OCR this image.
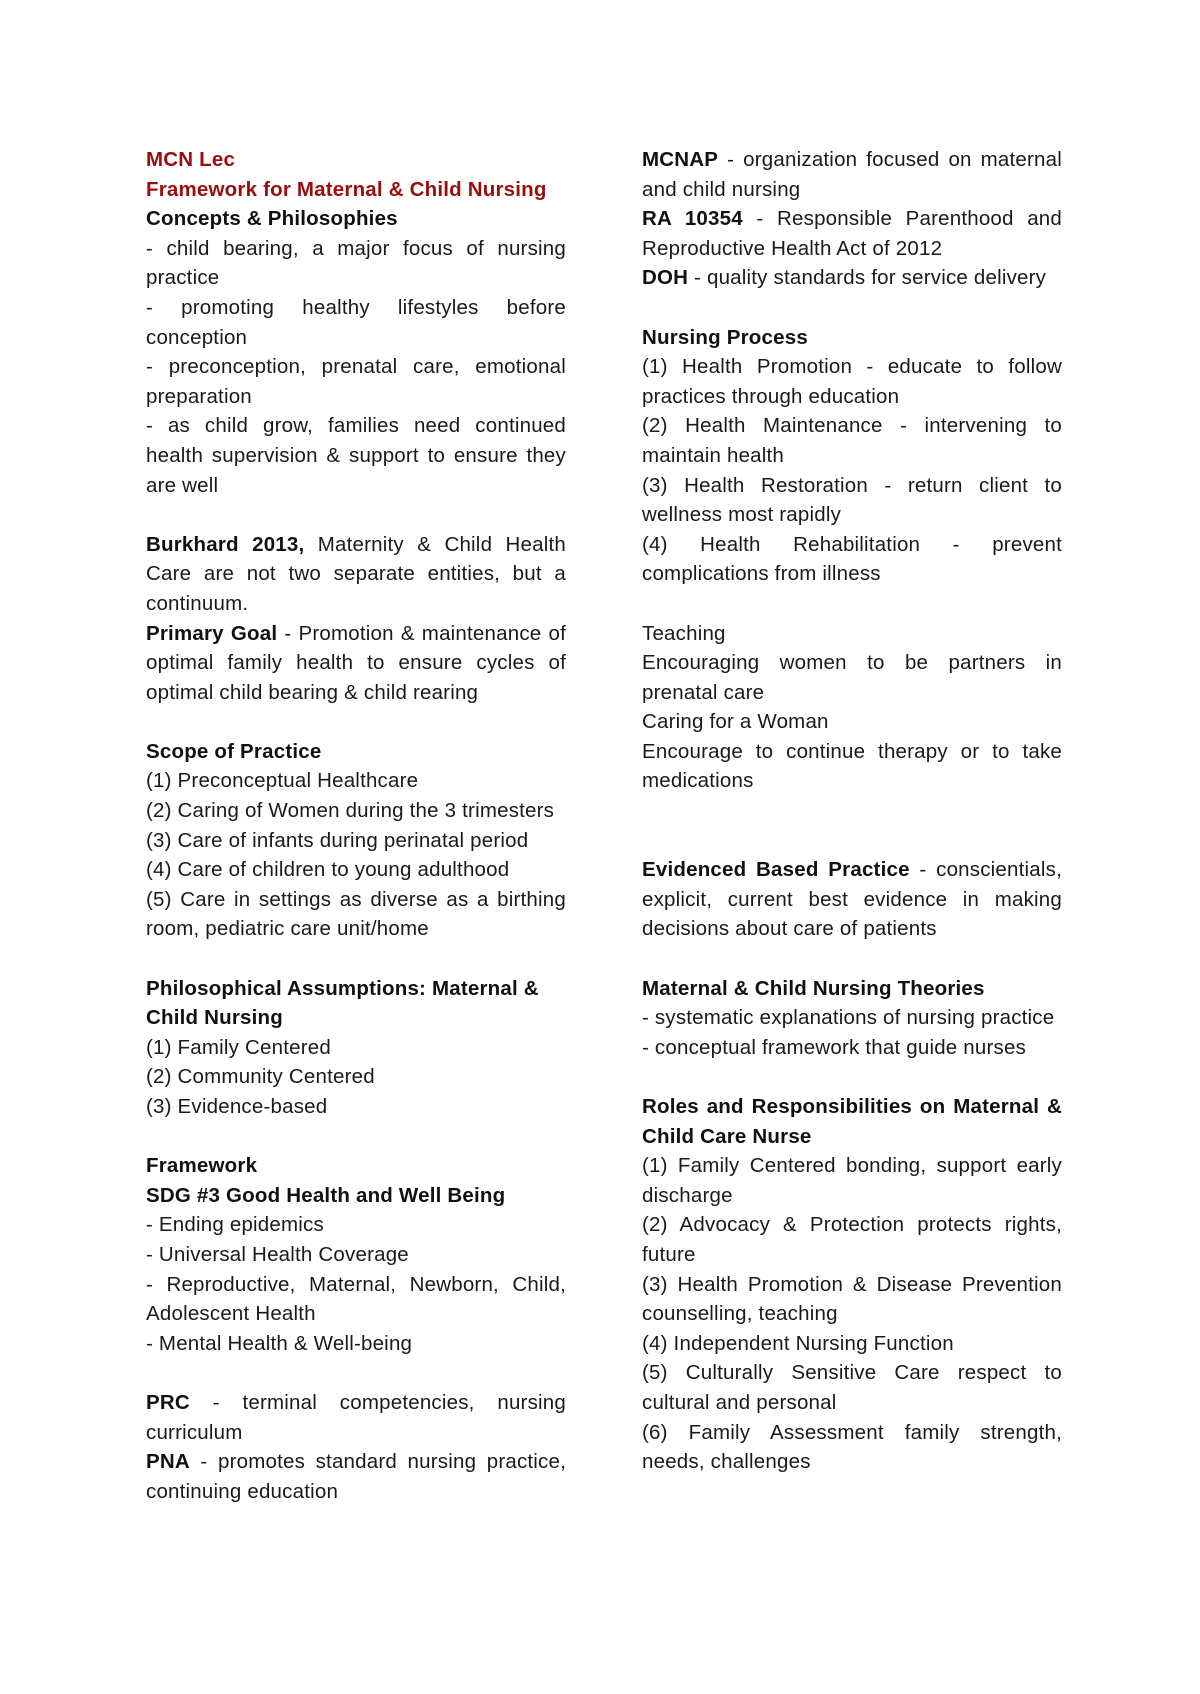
MCN Lec

Framework for Maternal & Child Nursing

Concepts & Philosophies

- child bearing, a major focus of nursing practice

- promoting healthy lifestyles before conception

- preconception, prenatal care, emotional preparation

- as child grow, families need continued health supervision & support to ensure they are well

Burkhard 2013, Maternity & Child Health Care are not two separate entities, but a continuum.

Primary Goal - Promotion & maintenance of optimal family health to ensure cycles of optimal child bearing & child rearing

Scope of Practice

(1) Preconceptual Healthcare

(2) Caring of Women during the 3 trimesters

(3) Care of infants during perinatal period

(4) Care of children to young adulthood

(5) Care in settings as diverse as a birthing room, pediatric care unit/home

Philosophical Assumptions: Maternal & Child Nursing

(1) Family Centered

(2) Community Centered

(3) Evidence-based

Framework

SDG #3 Good Health and Well Being

- Ending epidemics

- Universal Health Coverage

- Reproductive, Maternal, Newborn, Child, Adolescent Health

- Mental Health & Well-being

PRC - terminal competencies, nursing curriculum

PNA - promotes standard nursing practice, continuing education

MCNAP - organization focused on maternal and child nursing

RA 10354 - Responsible Parenthood and Reproductive Health Act of 2012

DOH - quality standards for service delivery

Nursing Process

(1) Health Promotion - educate to follow practices through education

(2) Health Maintenance - intervening to maintain health

(3) Health Restoration - return client to wellness most rapidly

(4) Health Rehabilitation - prevent complications from illness

Teaching

Encouraging women to be partners in prenatal care

Caring for a Woman

Encourage to continue therapy or to take medications

Evidenced Based Practice - conscientials, explicit, current best evidence in making decisions about care of patients

Maternal & Child Nursing Theories

- systematic explanations of nursing practice

- conceptual framework that guide nurses

Roles and Responsibilities on Maternal & Child Care Nurse

(1) Family Centered bonding, support early discharge

(2) Advocacy & Protection protects rights, future

(3) Health Promotion & Disease Prevention counselling, teaching

(4) Independent Nursing Function

(5) Culturally Sensitive Care respect to cultural and personal

(6) Family Assessment family strength, needs, challenges
